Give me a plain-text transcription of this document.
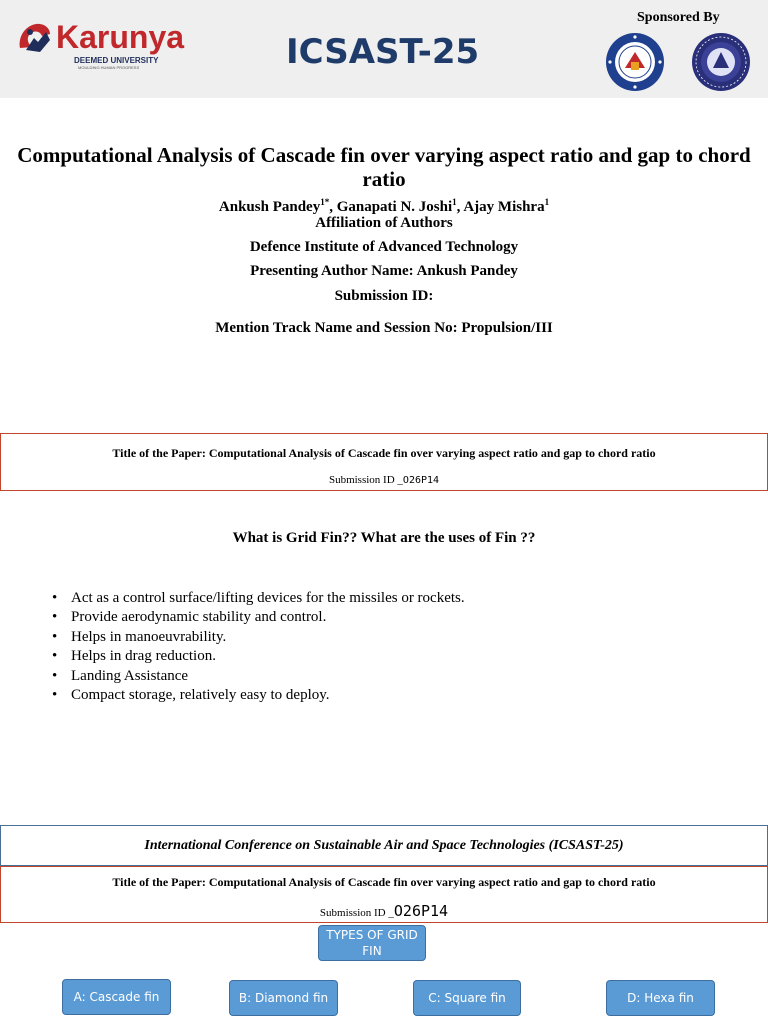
Karunya
DEEMED UNIVERSITY
MOULDING HUMAN PROGRESS	ICSAST-25
Sponsored By
Computational Analysis of Cascade fin over varying aspect ratio and gap to chord ratio
Ankush Pandey$^{1*}$, Ganapati N. Joshi$^1$, Ajay Mishra$^1$
Affiliation of Authors
Defence Institute of Advanced Technology
Presenting Author Name: Ankush Pandey
Submission ID:
Mention Track Name and Session No: Propulsion/III
Title of the Paper: Computational Analysis of Cascade fin over varying aspect ratio and gap to chord ratio
Submission ID _O26P14
What is Grid Fin?? What are the uses of Fin ??
• Act as a control surface/lifting devices for the missiles or rockets.
• Provide aerodynamic stability and control.
• Helps in manoeuvrability.
• Helps in drag reduction.
• Landing Assistance
• Compact storage, relatively easy to deploy.
International Conference on Sustainable Air and Space Technologies (ICSAST-25)
Title of the Paper: Computational Analysis of Cascade fin over varying aspect ratio and gap to chord ratio
Submission ID _O26P14
TYPES OF GRID FIN
A: Cascade fin	B: Diamond fin	C: Square fin	D: Hexa fin
